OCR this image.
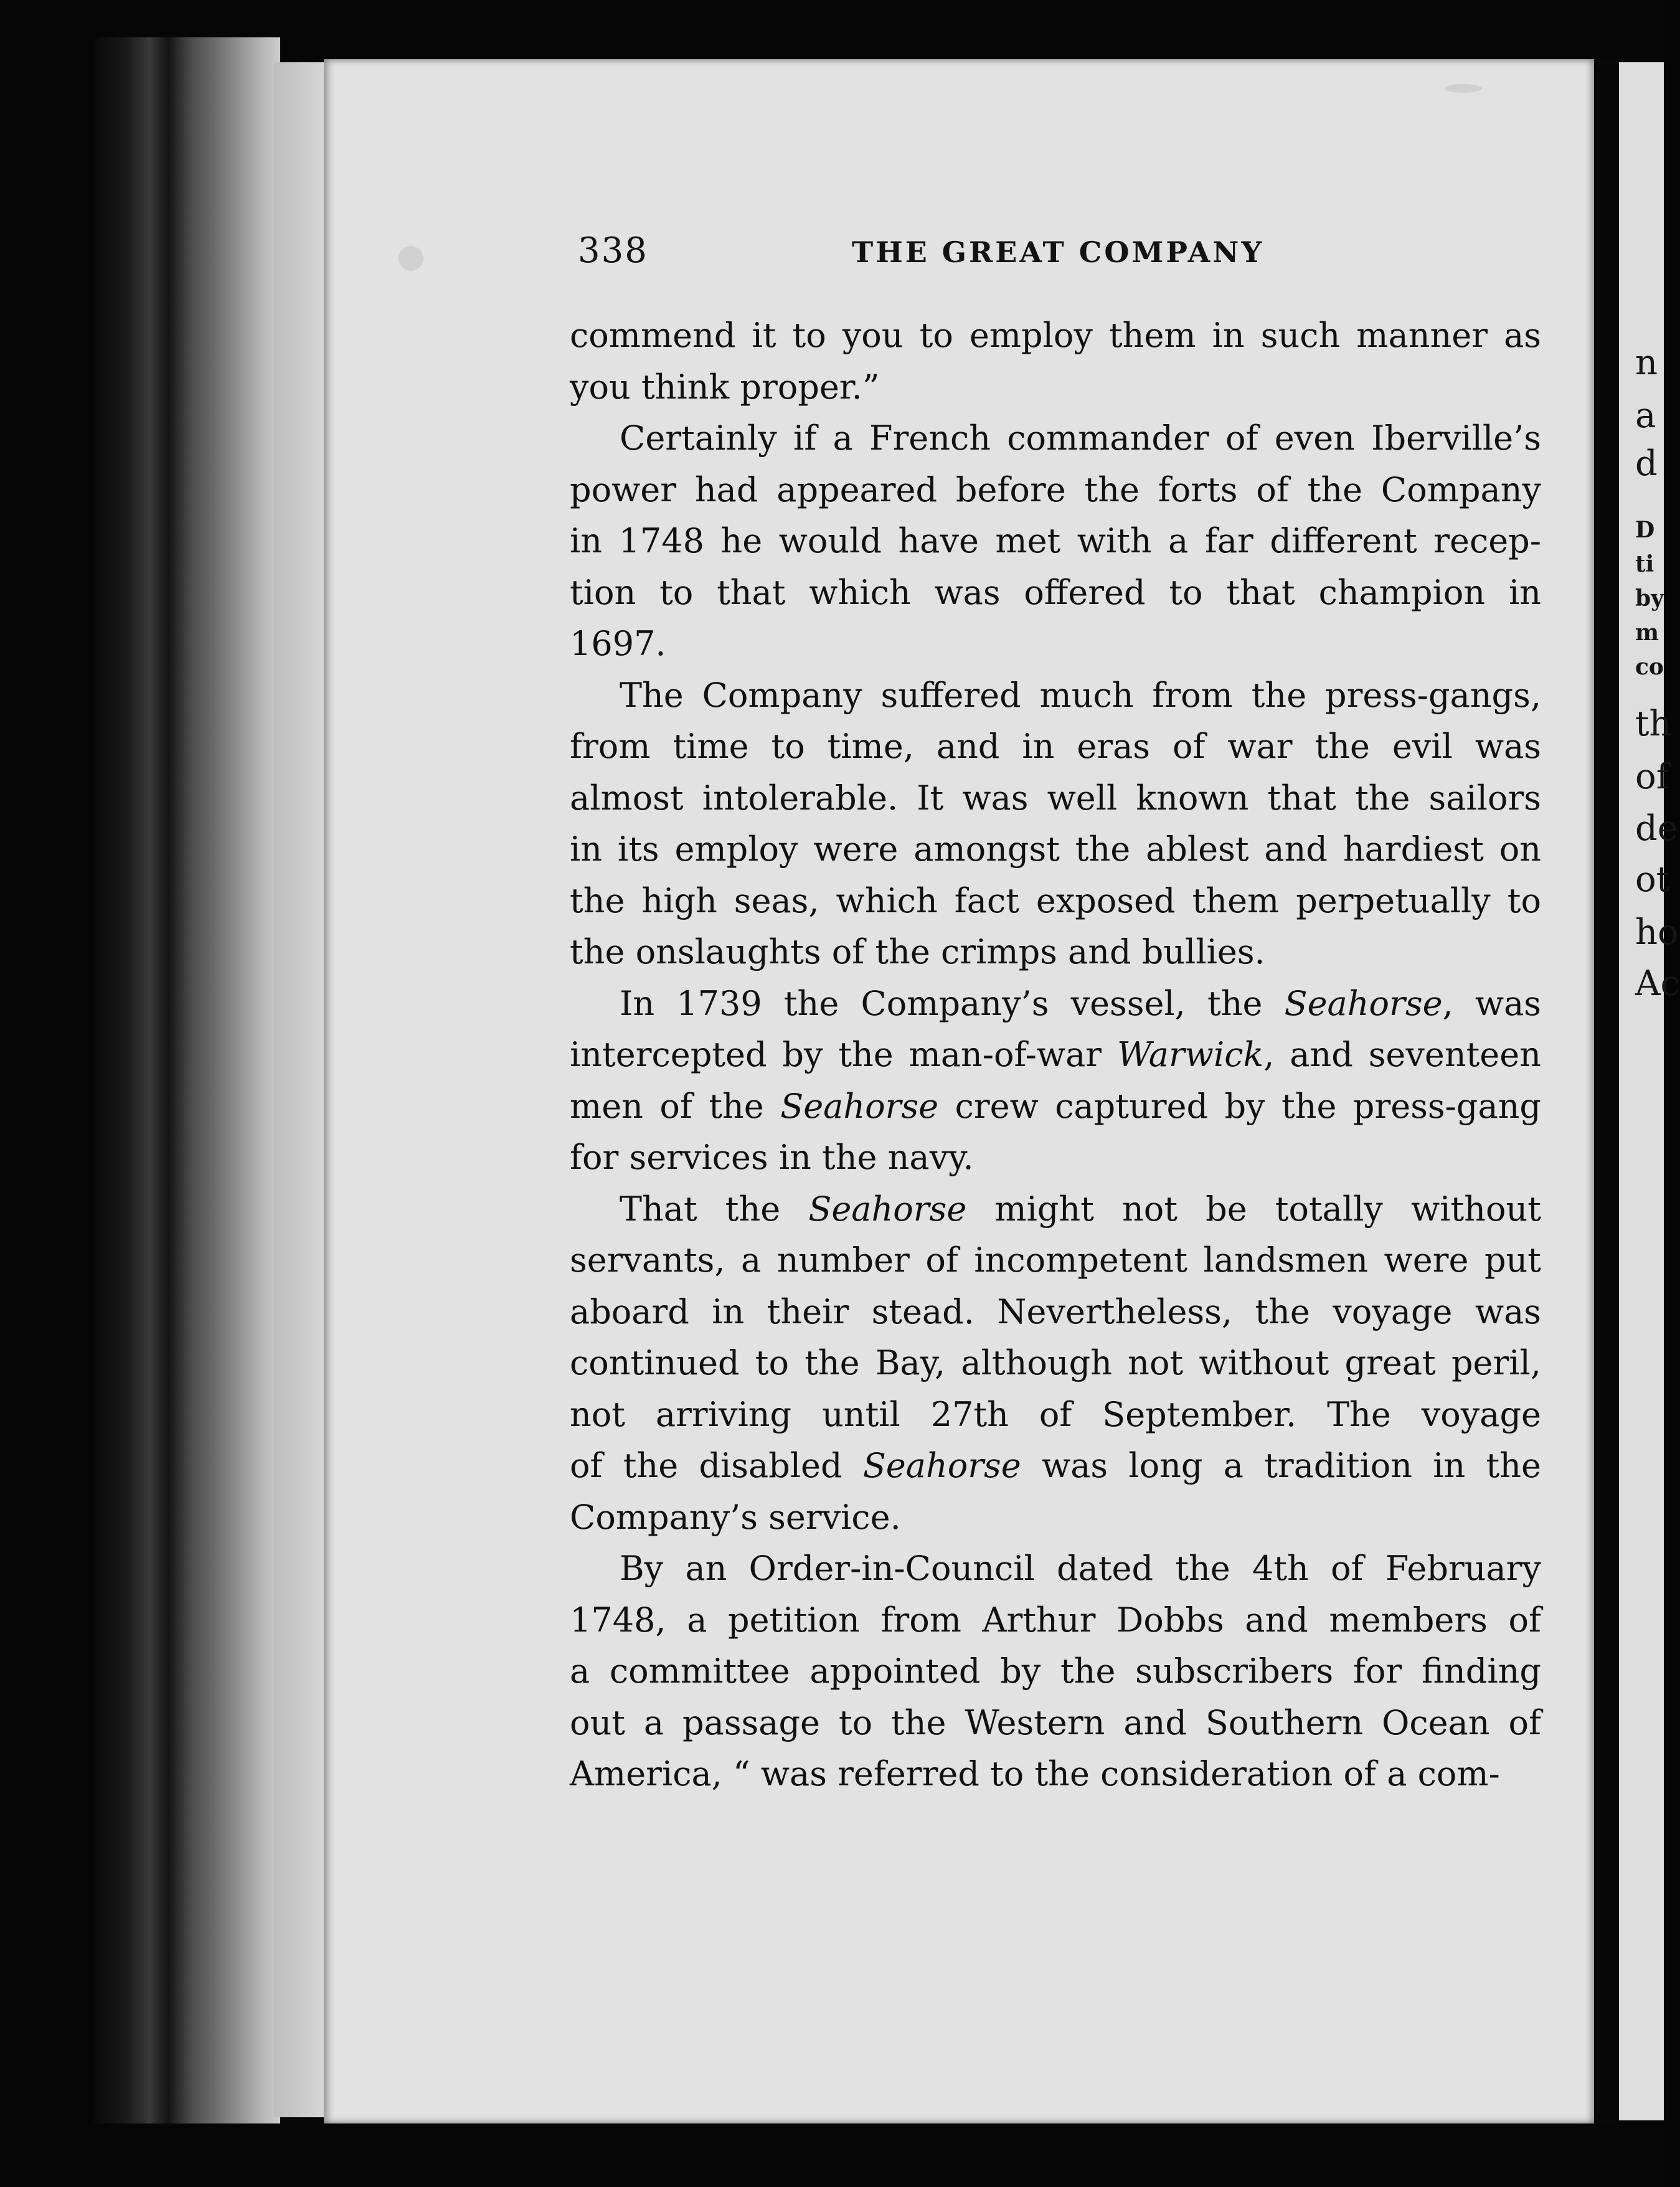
n
a
d
D
ti
by
m
co
th
of
de
ot
ho
Ac
338	THE GREAT COMPANY
commend it to you to employ them in such manner as
you think proper.”
Certainly if a French commander of even Iberville’s
power had appeared before the forts of the Company
in 1748 he would have met with a far different recep-
tion to that which was offered to that champion in
1697.
The Company suffered much from the press-gangs,
from time to time, and in eras of war the evil was
almost intolerable. It was well known that the sailors
in its employ were amongst the ablest and hardiest on
the high seas, which fact exposed them perpetually to
the onslaughts of the crimps and bullies.
In 1739 the Company’s vessel, the Seahorse, was
intercepted by the man-of-war Warwick, and seventeen
men of the Seahorse crew captured by the press-gang
for services in the navy.
That the Seahorse might not be totally without
servants, a number of incompetent landsmen were put
aboard in their stead. Nevertheless, the voyage was
continued to the Bay, although not without great peril,
not arriving until 27th of September. The voyage
of the disabled Seahorse was long a tradition in the
Company’s service.
By an Order-in-Council dated the 4th of February
1748, a petition from Arthur Dobbs and members of
a committee appointed by the subscribers for finding
out a passage to the Western and Southern Ocean of
America, “ was referred to the consideration of a com-
